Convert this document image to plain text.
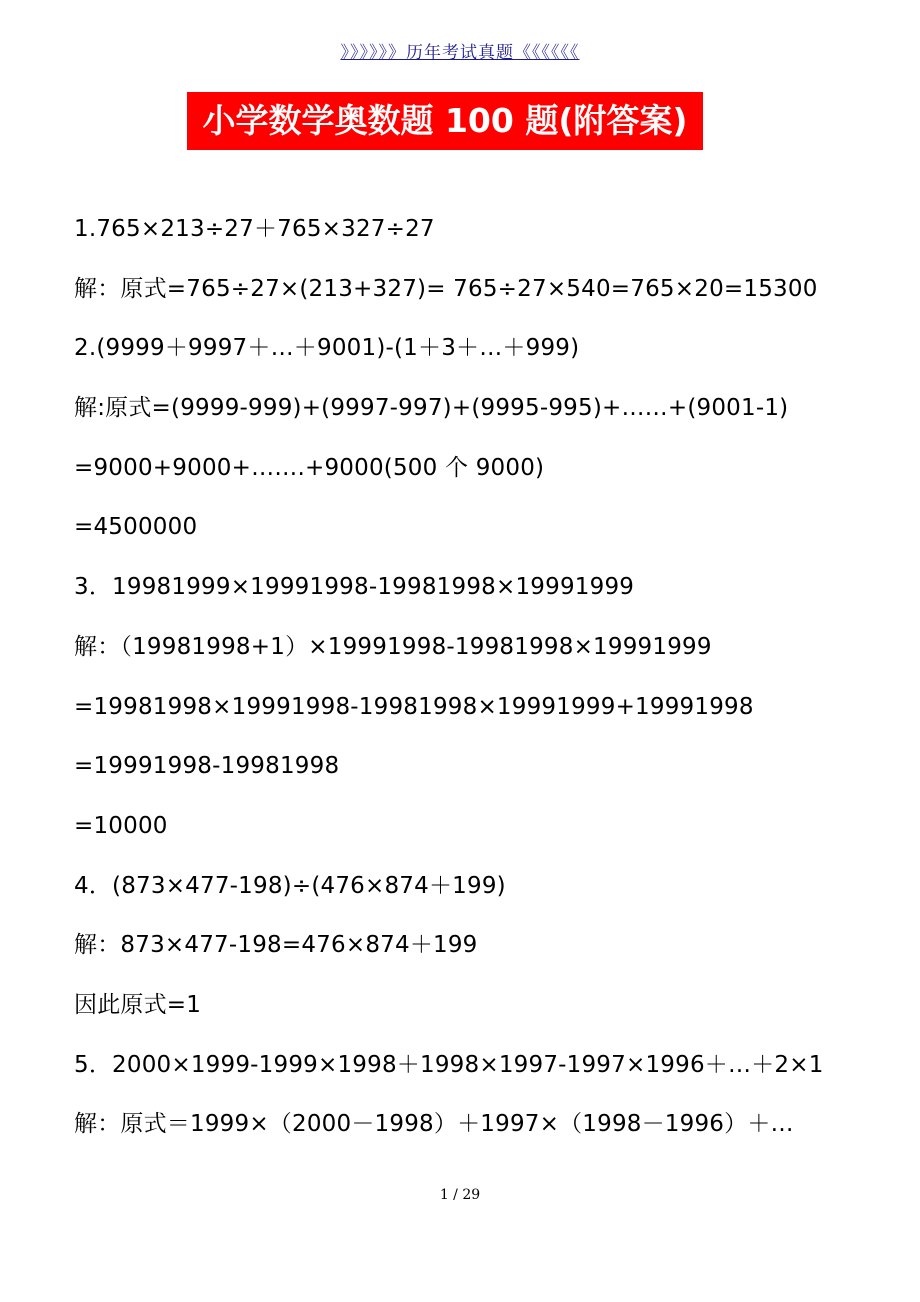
》》》》》》历年考试真题《《《《《《
小学数学奥数题 100 题(附答案)
1.765×213÷27＋765×327÷27
解：原式=765÷27×(213+327)= 765÷27×540=765×20=15300
2.(9999＋9997＋…＋9001)-(1＋3＋…＋999)
解:原式=(9999-999)+(9997-997)+(9995-995)+……+(9001-1)
=9000+9000+…….+9000(500 个 9000)
=4500000
3．19981999×19991998-19981998×19991999
解：（19981998+1）×19991998-19981998×19991999
=19981998×19991998-19981998×19991999+19991998
=19991998-19981998
=10000
4．(873×477-198)÷(476×874＋199)
解：873×477-198=476×874＋199
因此原式=1
5．2000×1999-1999×1998＋1998×1997-1997×1996＋…＋2×1
解：原式＝1999×（2000－1998）＋1997×（1998－1996）＋…
1 / 29
